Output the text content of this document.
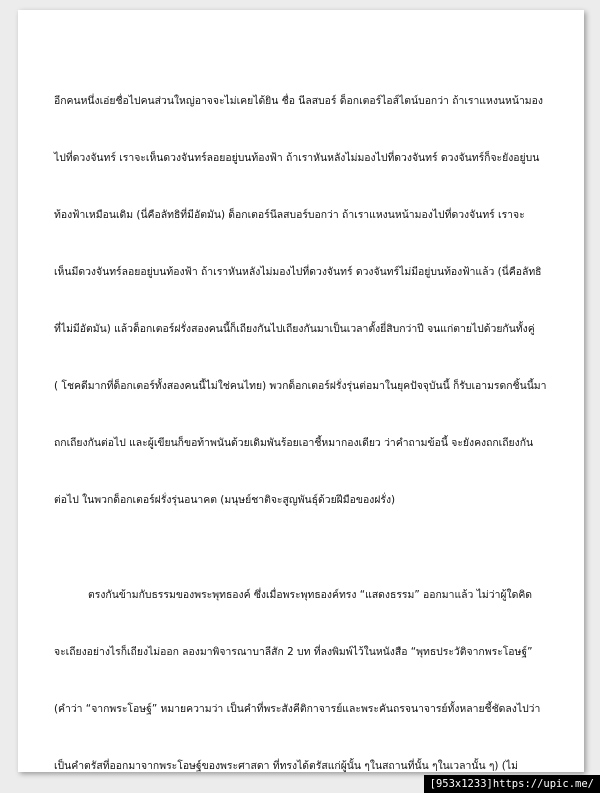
อีกคนหนึ่งเอ่ยชื่อไปคนส่วนใหญ่อาจจะไม่เคยได้ยิน ชื่อ นีลสบอร์ ด็อกเตอร์ไอส์ไตน์บอกว่า ถ้าเราแหงนหน้ามอง

ไปที่ดวงจันทร์ เราจะเห็นดวงจันทร์ลอยอยู่บนท้องฟ้า ถ้าเราหันหลังไม่มองไปที่ดวงจันทร์ ดวงจันทร์ก็จะยังอยู่บน

ท้องฟ้าเหมือนเดิม (นี่คือลัทธิที่มีอัตมัน) ด็อกเตอร์นีลสบอร์บอกว่า ถ้าเราแหงนหน้ามองไปที่ดวงจันทร์ เราจะ

เห็นมีดวงจันทร์ลอยอยู่บนท้องฟ้า ถ้าเราหันหลังไม่มองไปที่ดวงจันทร์ ดวงจันทร์ไม่มีอยู่บนท้องฟ้าแล้ว (นี่คือลัทธิ

ที่ไม่มีอัตมัน) แล้วด็อกเตอร์ฝรั่งสองคนนี้ก็เถียงกันไปเถียงกันมาเป็นเวลาตั้งยี่สิบกว่าปี จนแก่ตายไปด้วยกันทั้งคู่

( โชคดีมากที่ด็อกเตอร์ทั้งสองคนนี้ไม่ใช่คนไทย) พวกด็อกเตอร์ฝรั่งรุ่นต่อมาในยุคปัจจุบันนี้ ก็รับเอามรดกชิ้นนี้มา

ถกเถียงกันต่อไป และผู้เขียนก็ขอท้าพนันด้วยเดิมพันร้อยเอาชี้หมากองเดียว ว่าคำถามข้อนี้ จะยังคงถกเถียงกัน

ต่อไป ในพวกด็อกเตอร์ฝรั่งรุ่นอนาคต (มนุษย์ชาติจะสูญพันธุ์ด้วยฝีมือของฝรั่ง)

ตรงกันข้ามกับธรรมของพระพุทธองค์ ซึ่งเมื่อพระพุทธองค์ทรง “แสดงธรรม” ออกมาแล้ว ไม่ว่าผู้ใดคิด

จะเถียงอย่างไรก็เถียงไม่ออก ลองมาพิจารณาบาลีสัก 2 บท ที่ลงพิมพ์ไว้ในหนังสือ “พุทธประวัติจากพระโอษฐ์”

(คำว่า “จากพระโอษฐ์” หมายความว่า เป็นคำที่พระสังคีติกาจารย์และพระคันถรจนาจารย์ทั้งหลายชี้ชัดลงไปว่า

เป็นคำตรัสที่ออกมาจากพระโอษฐ์ของพระศาสดา ที่ทรงได้ตรัสแก่ผู้นั้น ๆในสถานที่นั้น ๆในเวลานั้น ๆ) (ไม่

[953x1233]https://upic.me/
